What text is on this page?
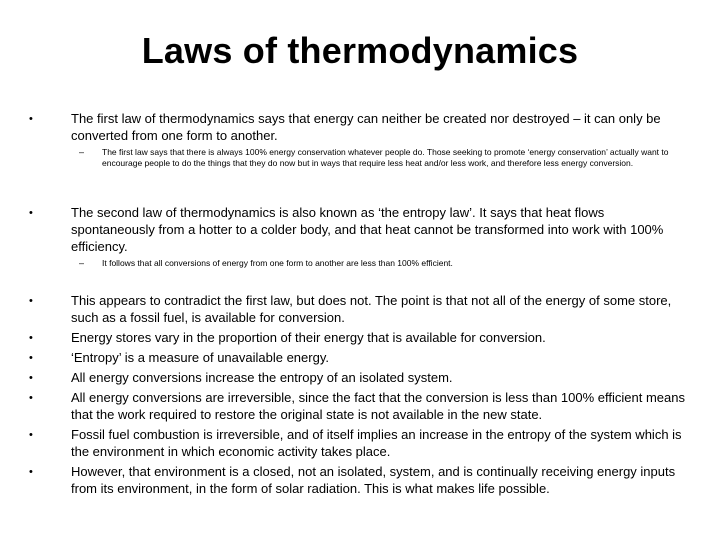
Laws of thermodynamics
•	The first law of thermodynamics says that energy can neither be created nor destroyed – it can only be converted from one form to another.
– The first law says that there is always 100% energy conservation whatever people do. Those seeking to promote ‘energy conservation’ actually want to encourage people to do the things that they do now but in ways that require less heat and/or less work, and therefore less energy conversion.
•	The second law of thermodynamics is also known as ‘the entropy law’. It says that heat flows spontaneously from a hotter to a colder body, and that heat cannot be transformed into work with 100% efficiency.
– It follows that all conversions of energy from one form to another are less than 100% efficient.
•	This appears to contradict the first law, but does not. The point is that not all of the energy of some store, such as a fossil fuel, is available for conversion.
•	Energy stores vary in the proportion of their energy that is available for conversion.
•	‘Entropy’ is a measure of unavailable energy.
•	All energy conversions increase the entropy of an isolated system.
•	All energy conversions are irreversible, since the fact that the conversion is less than 100% efficient means that the work required to restore the original state is not available in the new state.
•	Fossil fuel combustion is irreversible, and of itself implies an increase in the entropy of the system which is the environment in which economic activity takes place.
•	However, that environment is a closed, not an isolated, system, and is continually receiving energy inputs from its environment, in the form of solar radiation. This is what makes life possible.
